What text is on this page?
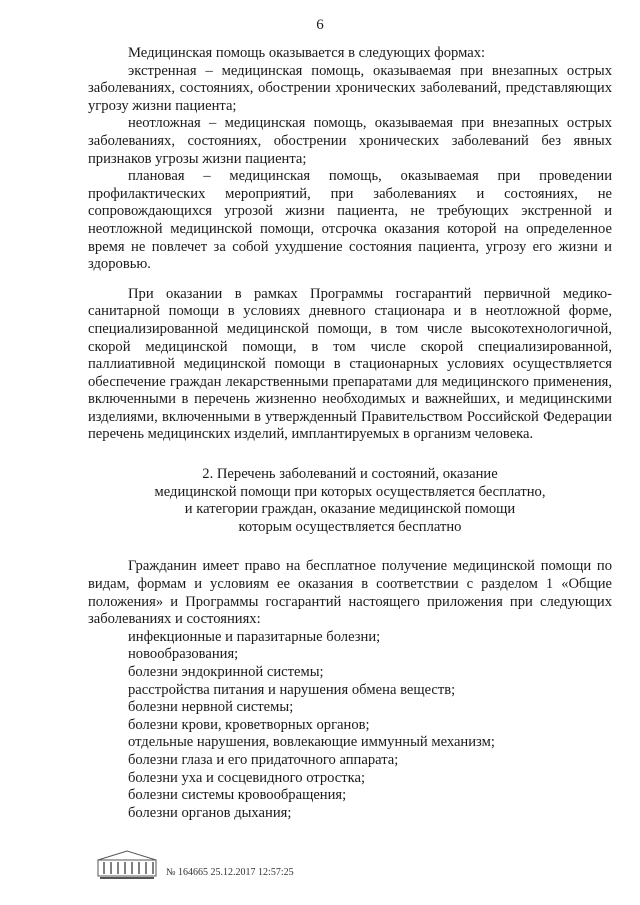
6

Медицинская помощь оказывается в следующих формах:

экстренная – медицинская помощь, оказываемая при внезапных острых заболеваниях, состояниях, обострении хронических заболеваний, представляющих угрозу жизни пациента;

неотложная – медицинская помощь, оказываемая при внезапных острых заболеваниях, состояниях, обострении хронических заболеваний без явных признаков угрозы жизни пациента;

плановая – медицинская помощь, оказываемая при проведении профилактических мероприятий, при заболеваниях и состояниях, не сопровождающихся угрозой жизни пациента, не требующих экстренной и неотложной медицинской помощи, отсрочка оказания которой на определенное время не повлечет за собой ухудшение состояния пациента, угрозу его жизни и здоровью.

При оказании в рамках Программы госгарантий первичной медико-санитарной помощи в условиях дневного стационара и в неотложной форме, специализированной медицинской помощи, в том числе высокотехнологичной, скорой медицинской помощи, в том числе скорой специализированной, паллиативной медицинской помощи в стационарных условиях осуществляется обеспечение граждан лекарственными препаратами для медицинского применения, включенными в перечень жизненно необходимых и важнейших, и медицинскими изделиями, включенными в утвержденный Правительством Российской Федерации перечень медицинских изделий, имплантируемых в организм человека.

2. Перечень заболеваний и состояний, оказание
медицинской помощи при которых осуществляется бесплатно,
и категории граждан, оказание медицинской помощи
которым осуществляется бесплатно

Гражданин имеет право на бесплатное получение медицинской помощи по видам, формам и условиям ее оказания в соответствии с разделом 1 «Общие положения» и Программы госгарантий настоящего приложения при следующих заболеваниях и состояниях:

инфекционные и паразитарные болезни;
новообразования;
болезни эндокринной системы;
расстройства питания и нарушения обмена веществ;
болезни нервной системы;
болезни крови, кроветворных органов;
отдельные нарушения, вовлекающие иммунный механизм;
болезни глаза и его придаточного аппарата;
болезни уха и сосцевидного отростка;
болезни системы кровообращения;
болезни органов дыхания;
№ 164665 25.12.2017 12:57:25
